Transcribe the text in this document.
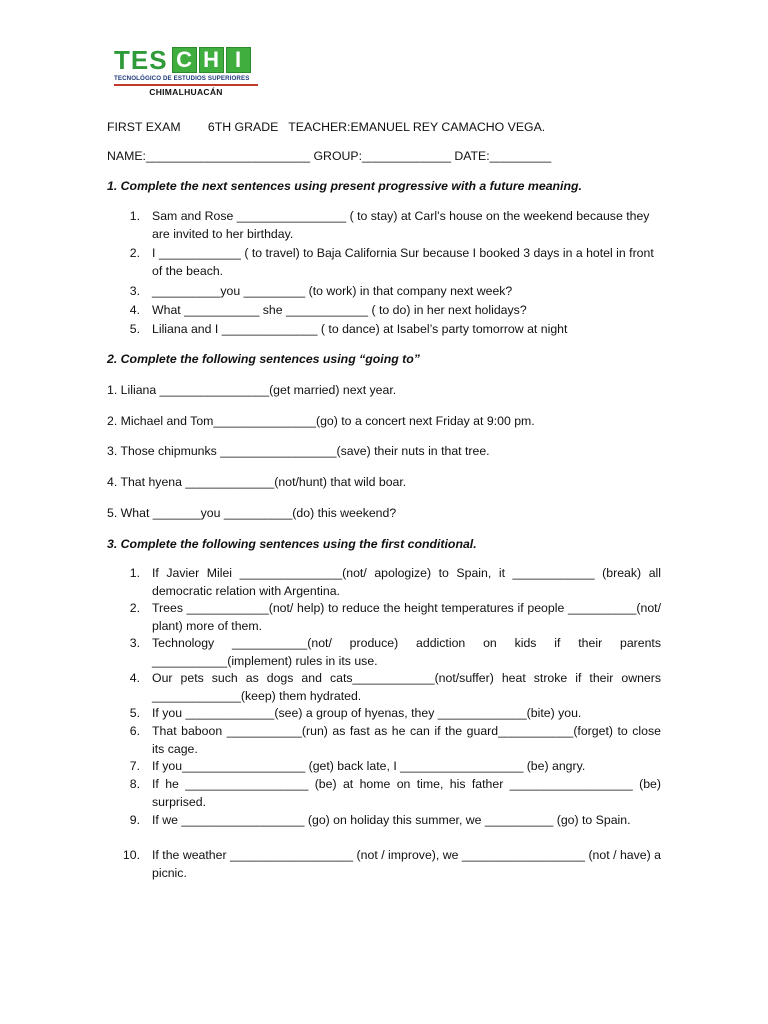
TES C H I
TECNOLÓGICO DE ESTUDIOS SUPERIORES
CHIMALHUACÁN
FIRST EXAM        6TH GRADE   TEACHER:EMANUEL REY CAMACHO VEGA.
NAME:________________________ GROUP:_____________ DATE:_________
1. Complete the next sentences using present progressive with a future meaning.
1. Sam and Rose ________________ ( to stay) at Carl’s house on the weekend because they are invited to her birthday.
2. I ____________ ( to travel) to Baja California Sur because I booked 3 days in a hotel in front of the beach.
3. __________you _________ (to work) in that company next week?
4. What ___________ she ____________ ( to do) in her next holidays?
5. Liliana and I ______________ ( to dance) at Isabel’s party tomorrow at night
2. Complete the following sentences using “going to”
1. Liliana ________________(get married) next year.
2. Michael and Tom_______________(go) to a concert next Friday at 9:00 pm.
3. Those chipmunks _________________(save) their nuts in that tree.
4. That hyena _____________(not/hunt) that wild boar.
5. What _______you __________(do) this weekend?
3. Complete the following sentences using the first conditional.
1. If Javier Milei _______________(not/ apologize) to Spain, it ____________ (break) all democratic relation with Argentina.
2. Trees ____________(not/ help) to reduce the height temperatures if people __________(not/ plant) more of them.
3. Technology ___________(not/ produce) addiction on kids if their parents ___________(implement) rules in its use.
4. Our pets such as dogs and cats____________(not/suffer) heat stroke if their owners _____________(keep) them hydrated.
5. If you _____________(see) a group of hyenas, they _____________(bite) you.
6. That baboon ___________(run) as fast as he can if the guard___________(forget) to close its cage.
7. If you__________________ (get) back late, I __________________ (be) angry.
8. If he __________________ (be) at home on time, his father __________________ (be) surprised.
9. If we __________________ (go) on holiday this summer, we __________ (go) to Spain.
10. If the weather __________________ (not / improve), we __________________ (not / have) a picnic.
